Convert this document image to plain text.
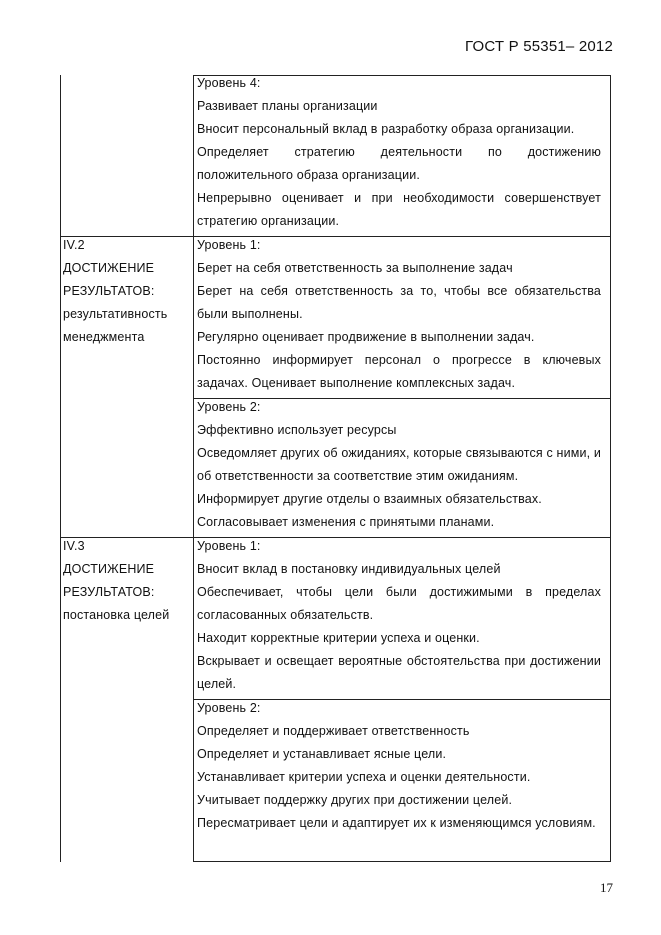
ГОСТ Р 55351– 2012

Уровень 4:

Развивает планы организации

Вносит персональный вклад в разработку образа организации.

Определяет стратегию деятельности по достижению положительного образа организации.

Непрерывно оценивает и при необходимости совершенствует стратегию организации.

IV.2

ДОСТИЖЕНИЕ

РЕЗУЛЬТАТОВ:

результативность

менеджмента

Уровень 1:

Берет на себя ответственность за выполнение задач

Берет на себя ответственность за то, чтобы все обязательства были выполнены.

Регулярно оценивает продвижение в выполнении задач.

Постоянно информирует персонал о прогрессе в ключевых задачах. Оценивает выполнение комплексных задач.

Уровень 2:

Эффективно использует ресурсы

Осведомляет других об ожиданиях, которые связываются с ними, и об ответственности за соответствие этим ожиданиям.

Информирует другие отделы о взаимных обязательствах.

Согласовывает изменения с принятыми планами.

IV.3

ДОСТИЖЕНИЕ

РЕЗУЛЬТАТОВ:

постановка целей

Уровень 1:

Вносит вклад в постановку индивидуальных целей

Обеспечивает, чтобы цели были достижимыми в пределах согласованных обязательств.

Находит корректные критерии успеха и оценки.

Вскрывает и освещает вероятные обстоятельства при достижении целей.

Уровень 2:

Определяет и поддерживает ответственность

Определяет и устанавливает ясные цели.

Устанавливает критерии успеха и оценки деятельности.

Учитывает поддержку других при достижении целей.

Пересматривает цели и адаптирует их к изменяющимся условиям.

17
